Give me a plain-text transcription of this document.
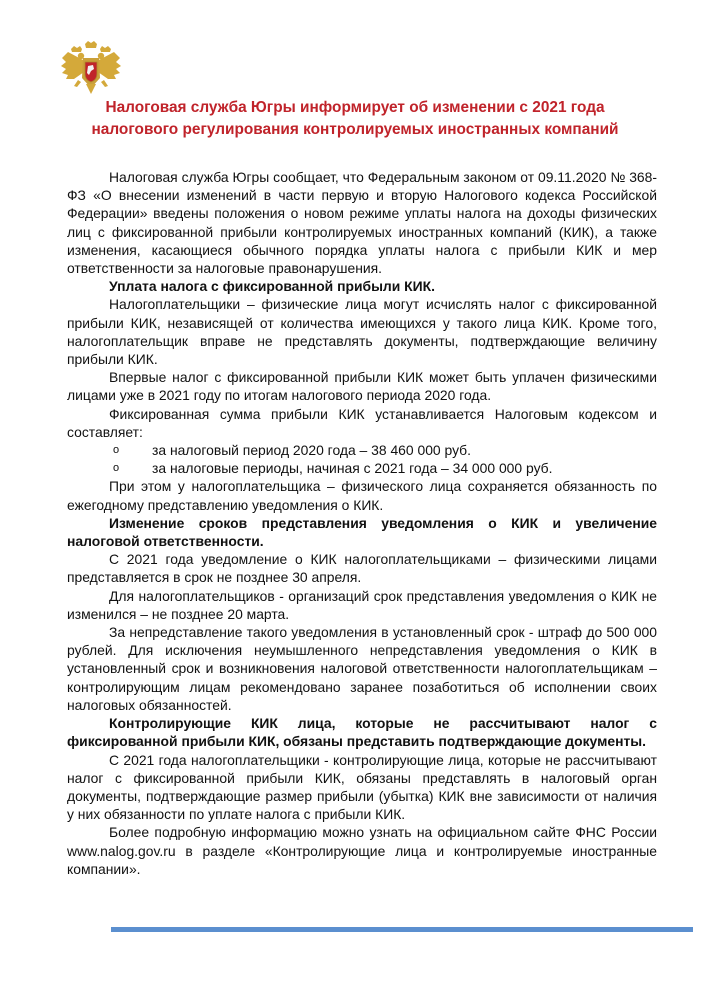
Налоговая служба Югры информирует об изменении с 2021 года
налогового регулирования контролируемых иностранных компаний

Налоговая служба Югры сообщает, что Федеральным законом от 09.11.2020 № 368-ФЗ «О внесении изменений в части первую и вторую Налогового кодекса Российской Федерации» введены положения о новом режиме уплаты налога на доходы физических лиц с фиксированной прибыли контролируемых иностранных компаний (КИК), а также изменения, касающиеся обычного порядка уплаты налога с прибыли КИК и мер ответственности за налоговые правонарушения.

Уплата налога с фиксированной прибыли КИК.

Налогоплательщики – физические лица могут исчислять налог с фиксированной прибыли КИК, независящей от количества имеющихся у такого лица КИК. Кроме того, налогоплательщик вправе не представлять документы, подтверждающие величину прибыли КИК.

Впервые налог с фиксированной прибыли КИК может быть уплачен физическими лицами уже в 2021 году по итогам налогового периода 2020 года.

Фиксированная сумма прибыли КИК устанавливается Налоговым кодексом и составляет:

o за налоговый период 2020 года – 38 460 000 руб.
o за налоговые периоды, начиная с 2021 года – 34 000 000 руб.

При этом у налогоплательщика – физического лица сохраняется обязанность по ежегодному представлению уведомления о КИК.

Изменение сроков представления уведомления о КИК и увеличение налоговой ответственности.

С 2021 года уведомление о КИК налогоплательщиками – физическими лицами представляется в срок не позднее 30 апреля.

Для налогоплательщиков - организаций срок представления уведомления о КИК не изменился – не позднее 20 марта.

За непредставление такого уведомления в установленный срок - штраф до 500 000 рублей. Для исключения неумышленного непредставления уведомления о КИК в установленный срок и возникновения налоговой ответственности налогоплательщикам – контролирующим лицам рекомендовано заранее позаботиться об исполнении своих налоговых обязанностей.

Контролирующие КИК лица, которые не рассчитывают налог с фиксированной прибыли КИК, обязаны представить подтверждающие документы.

С 2021 года налогоплательщики - контролирующие лица, которые не рассчитывают налог с фиксированной прибыли КИК, обязаны представлять в налоговый орган документы, подтверждающие размер прибыли (убытка) КИК вне зависимости от наличия у них обязанности по уплате налога с прибыли КИК.

Более подробную информацию можно узнать на официальном сайте ФНС России www.nalog.gov.ru в разделе «Контролирующие лица и контролируемые иностранные компании».
